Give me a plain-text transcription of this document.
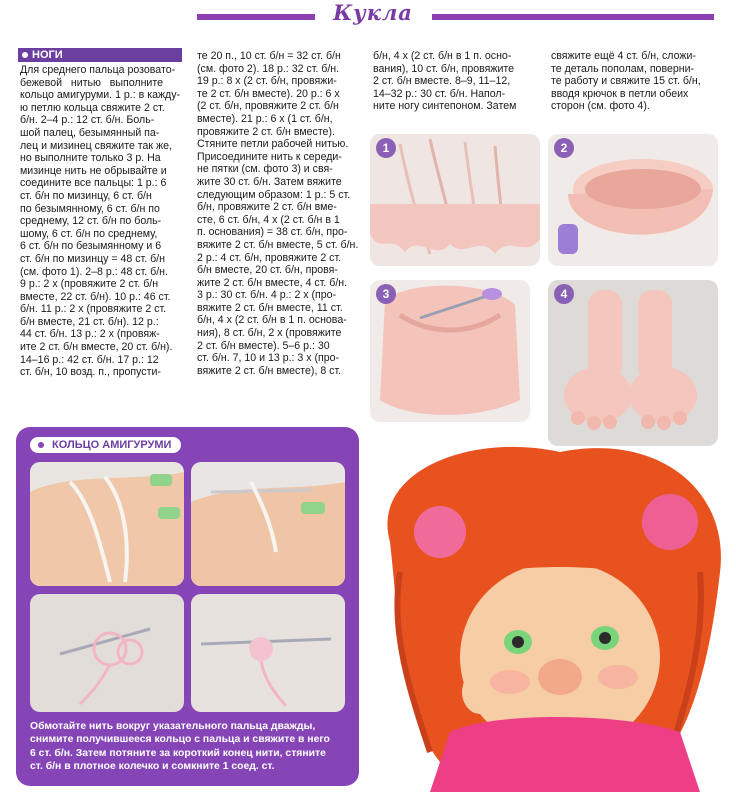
Кукла
НОГИ
Для среднего пальца розовато-
бежевой   нитью   выполните
кольцо амигуруми. 1 р.: в кажду-
ю петлю кольца свяжите 2 ст.
б/н. 2–4 р.: 12 ст. б/н. Боль-
шой палец, безымянный па-
лец и мизинец свяжите так же,
но выполните только 3 р. На
мизинце нить не обрывайте и
соедините все пальцы: 1 р.: 6
ст. б/н по мизинцу, 6 ст. б/н
по безымянному, 6 ст. б/н по
среднему, 12 ст. б/н по боль-
шому, 6 ст. б/н по среднему,
6 ст. б/н по безымянному и 6
ст. б/н по мизинцу = 48 ст. б/н
(см. фото 1). 2–8 р.: 48 ст. б/н.
9 р.: 2 х (провяжите 2 ст. б/н
вместе, 22 ст. б/н). 10 р.: 46 ст.
б/н. 11 р.: 2 х (провяжите 2 ст.
б/н вместе, 21 ст. б/н). 12 р.:
44 ст. б/н. 13 р.: 2 х (провяж-
ите 2 ст. б/н вместе, 20 ст. б/н).
14–16 р.: 42 ст. б/н. 17 р.: 12
ст. б/н, 10 возд. п., пропусти-
те 20 п., 10 ст. б/н = 32 ст. б/н
(см. фото 2). 18 р.: 32 ст. б/н.
19 р.: 8 х (2 ст. б/н, провяжи-
те 2 ст. б/н вместе). 20 р.: 6 х
(2 ст. б/н, провяжите 2 ст. б/н
вместе). 21 р.: 6 х (1 ст. б/н,
провяжите 2 ст. б/н вместе).
Стяните петли рабочей нитью.
Присоедините нить к середи-
не пятки (см. фото 3) и свя-
жите 30 ст. б/н. Затем вяжите
следующим образом: 1 р.: 5 ст.
б/н, провяжите 2 ст. б/н вме-
сте, 6 ст. б/н, 4 х (2 ст. б/н в 1
п. основания) = 38 ст. б/н, про-
вяжите 2 ст. б/н вместе, 5 ст. б/н.
2 р.: 4 ст. б/н, провяжите 2 ст.
б/н вместе, 20 ст. б/н, провя-
жите 2 ст. б/н вместе, 4 ст. б/н.
3 р.: 30 ст. б/н. 4 р.: 2 х (про-
вяжите 2 ст. б/н вместе, 11 ст.
б/н, 4 х (2 ст. б/н в 1 п. основа-
ния), 8 ст. б/н, 2 х (провяжите
2 ст. б/н вместе). 5–6 р.: 30
ст. б/н. 7, 10 и 13 р.: 3 х (про-
вяжите 2 ст. б/н вместе), 8 ст.
б/н, 4 х (2 ст. б/н в 1 п. осно-
вания), 10 ст. б/н, провяжите
2 ст. б/н вместе. 8–9, 11–12,
14–32 р.: 30 ст. б/н. Напол-
ните ногу синтепоном. Затем
свяжите ещё 4 ст. б/н, сложи-
те деталь пополам, поверни-
те работу и свяжите 15 ст. б/н,
вводя крючок в петли обеих
сторон (см. фото 4).
1	2
3	4
КОЛЬЦО АМИГУРУМИ
Обмотайте нить вокруг указательного пальца дважды,
снимите получившееся кольцо с пальца и свяжите в него
6 ст. б/н. Затем потяните за короткий конец нити, стяните
ст. б/н в плотное колечко и сомкните 1 соед. ст.
